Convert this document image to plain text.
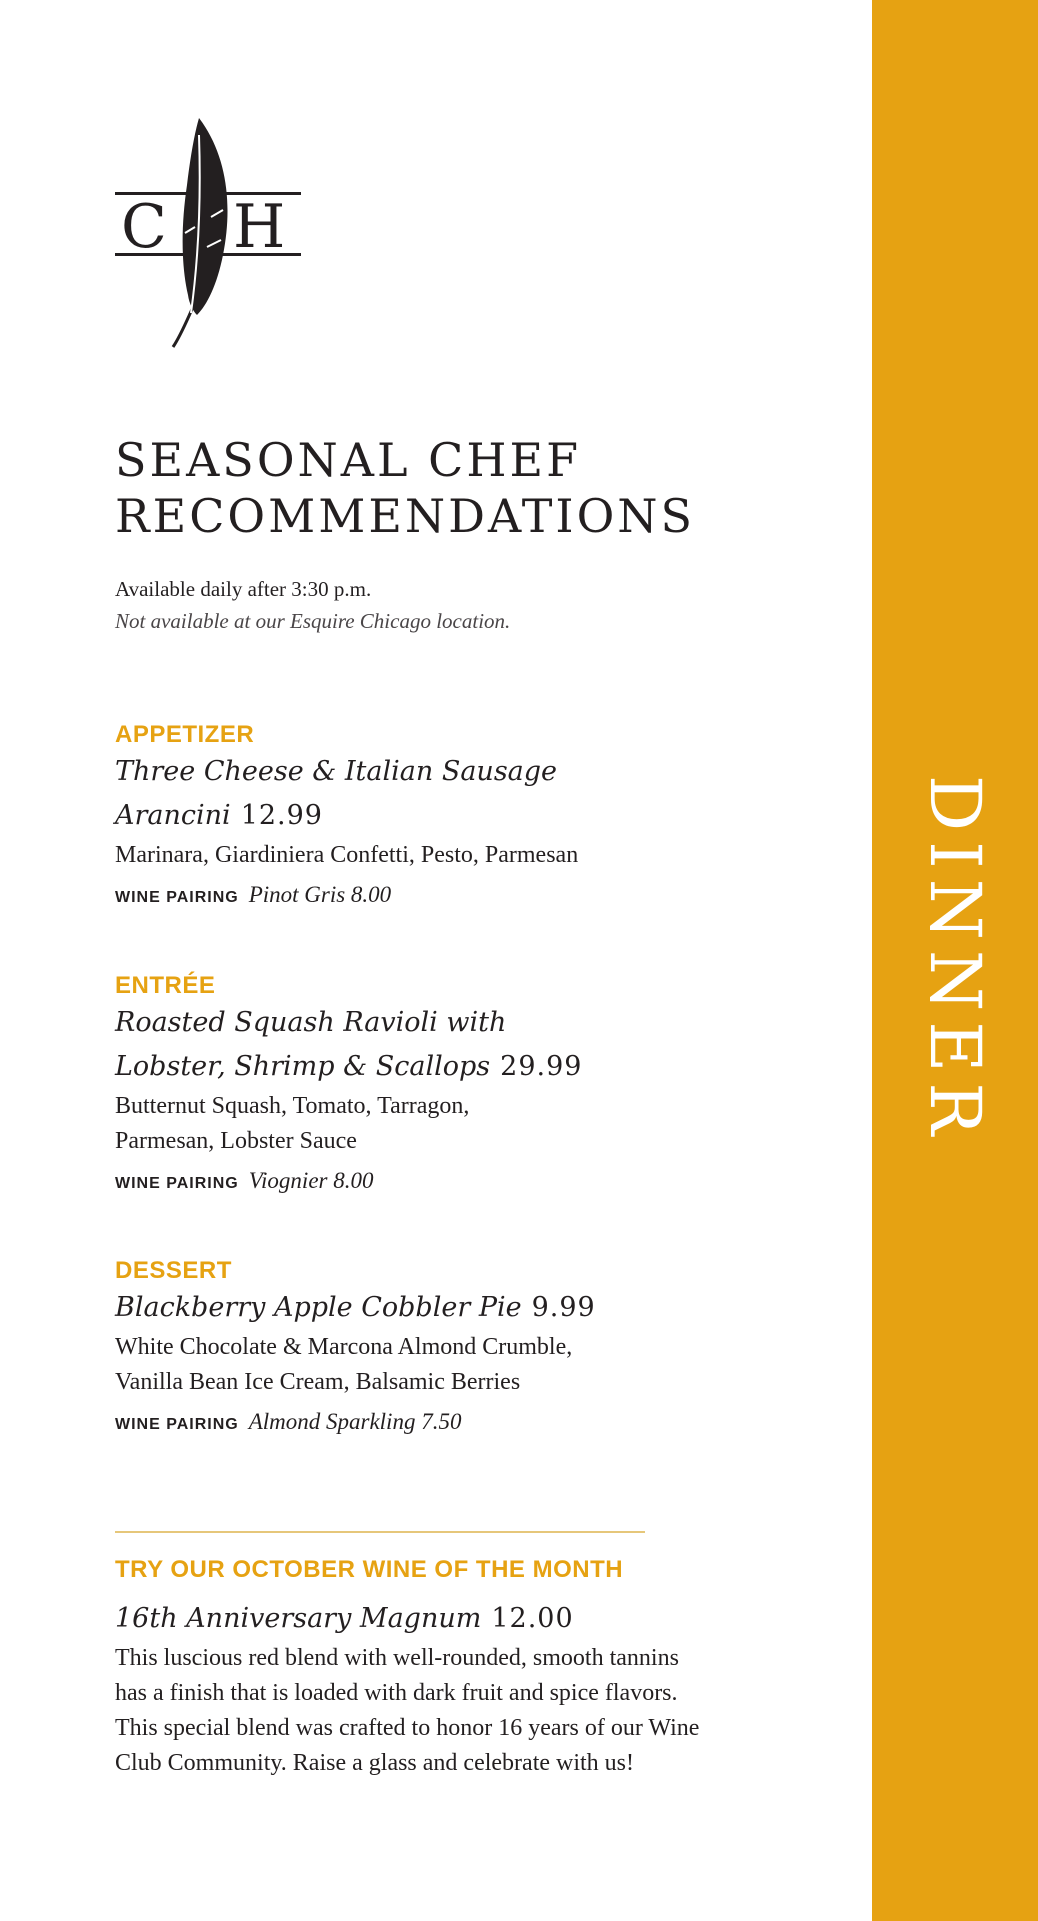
C H
SEASONAL CHEF
RECOMMENDATIONS
Available daily after 3:30 p.m.
Not available at our Esquire Chicago location.

APPETIZER

Three Cheese & Italian Sausage
Arancini 12.99

Marinara, Giardiniera Confetti, Pesto, Parmesan

WINE PAIRING Pinot Gris 8.00

ENTRÉE

Roasted Squash Ravioli with
Lobster, Shrimp & Scallops 29.99

Butternut Squash, Tomato, Tarragon,
Parmesan, Lobster Sauce

WINE PAIRING Viognier 8.00

DESSERT

Blackberry Apple Cobbler Pie 9.99

White Chocolate & Marcona Almond Crumble,
Vanilla Bean Ice Cream, Balsamic Berries

WINE PAIRING Almond Sparkling 7.50

TRY OUR OCTOBER WINE OF THE MONTH

16th Anniversary Magnum 12.00

This luscious red blend with well-rounded, smooth tannins
has a finish that is loaded with dark fruit and spice flavors.
This special blend was crafted to honor 16 years of our Wine
Club Community. Raise a glass and celebrate with us!

DINNER
